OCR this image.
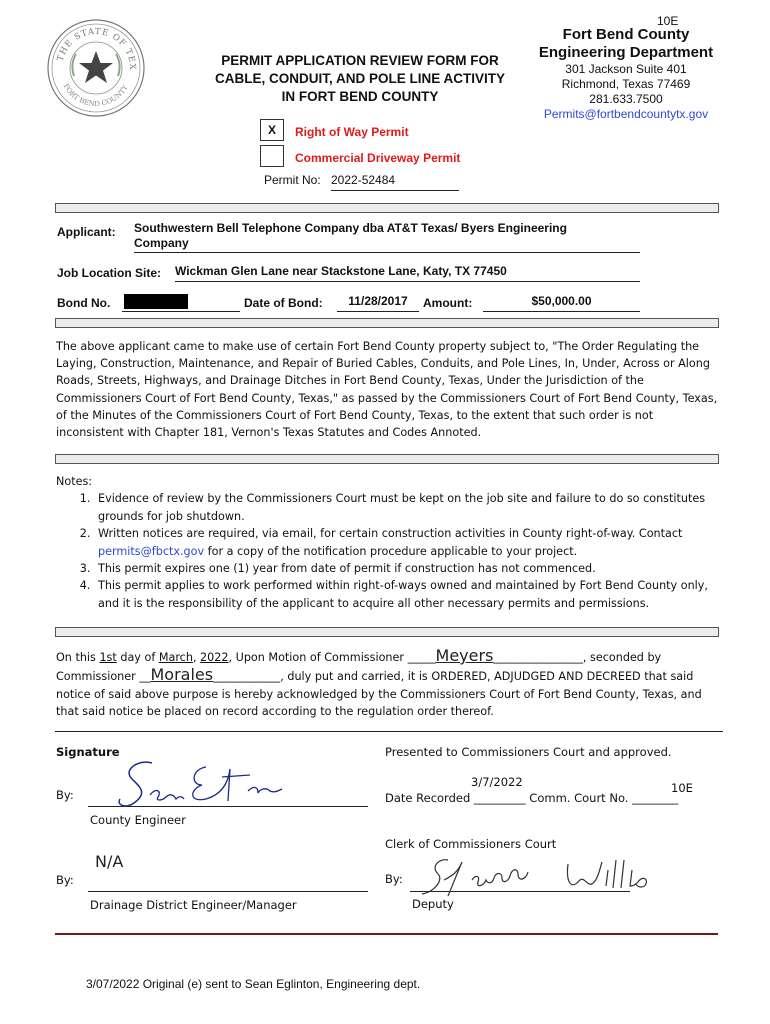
10E
THE STATE OF TEX
FORT BEND COUNTY
PERMIT APPLICATION REVIEW FORM FOR
CABLE, CONDUIT, AND POLE LINE ACTIVITY
IN FORT BEND COUNTY
Fort Bend County
Engineering Department
301 Jackson Suite 401
Richmond, Texas 77469
281.633.7500
Permits@fortbendcountytx.gov
X	Right of Way Permit
Commercial Driveway Permit
Permit No: 2022-52484
Applicant: Southwestern Bell Telephone Company dba AT&T Texas/ Byers Engineering
Company
Job Location Site: Wickman Glen Lane near Stackstone Lane, Katy, TX 77450
Bond No.	Date of Bond:	11/28/2017	Amount:	$50,000.00
The above applicant came to make use of certain Fort Bend County property subject to, "The Order Regulating the
Laying, Construction, Maintenance, and Repair of Buried Cables, Conduits, and Pole Lines, In, Under, Across or Along
Roads, Streets, Highways, and Drainage Ditches in Fort Bend County, Texas, Under the Jurisdiction of the
Commissioners Court of Fort Bend County, Texas," as passed by the Commissioners Court of Fort Bend County, Texas,
of the Minutes of the Commissioners Court of Fort Bend County, Texas, to the extent that such order is not
inconsistent with Chapter 181, Vernon's Texas Statutes and Codes Annoted.
Notes:
1. Evidence of review by the Commissioners Court must be kept on the job site and failure to do so constitutes
grounds for job shutdown.
2. Written notices are required, via email, for certain construction activities in County right-of-way. Contact
permits@fbctx.gov for a copy of the notification procedure applicable to your project.
3. This permit expires one (1) year from date of permit if construction has not commenced.
4. This permit applies to work performed within right-of-ways owned and maintained by Fort Bend County only,
and it is the responsibility of the applicant to acquire all other necessary permits and permissions.
On this 1st day of March, 2022, Upon Motion of Commissioner _____Meyers________________, seconded by
Commissioner __Morales____________, duly put and carried, it is ORDERED, ADJUDGED AND DECREED that said
notice of said above purpose is hereby acknowledged by the Commissioners Court of Fort Bend County, Texas, and
that said notice be placed on record according to the regulation order thereof.
Signature
By:
County Engineer
N/A
By:
Drainage District Engineer/Manager
Presented to Commissioners Court and approved.
3/7/2022	10E
Date Recorded _________ Comm. Court No. ________
Clerk of Commissioners Court
By:
Deputy
3/07/2022 Original (e) sent to Sean Eglinton, Engineering dept.
